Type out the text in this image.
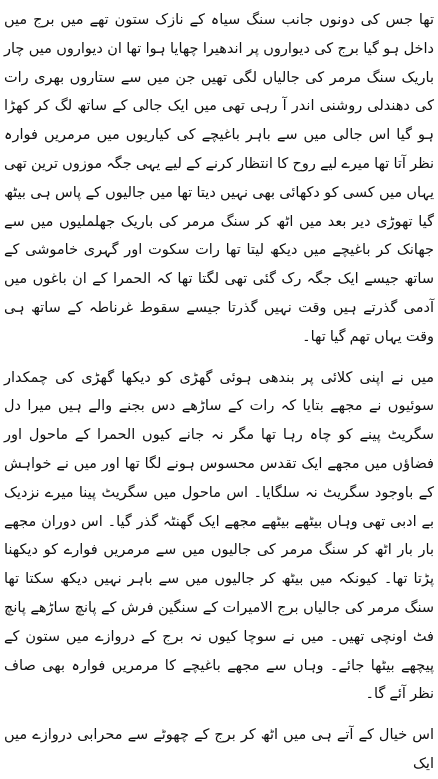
تھا جس کی دونوں جانب سنگ سیاہ کے نازک ستون تھے میں برج میں داخل ہو گیا برج کی دیواروں پر اندھیرا چھایا ہوا تھا ان دیواروں میں چار باریک سنگ مرمر کی جالیاں لگی تھیں جن میں سے ستاروں بھری رات کی دھندلی روشنی اندر آ رہی تھی میں ایک جالی کے ساتھ لگ کر کھڑا ہو گیا اس جالی میں سے باہر باغیچے کی کیاریوں میں مرمریں فوارہ نظر آتا تھا میرے لیے روح کا انتظار کرنے کے لیے یہی جگہ موزوں ترین تھی یہاں میں کسی کو دکھائی بھی نہیں دیتا تھا میں جالیوں کے پاس ہی بیٹھ گیا تھوڑی دیر بعد میں اٹھ کر سنگ مرمر کی باریک جھلملیوں میں سے جھانک کر باغیچے میں دیکھ لیتا تھا رات سکوت اور گہری خاموشی کے ساتھ جیسے ایک جگہ رک گئی تھی لگتا تھا کہ الحمرا کے ان باغوں میں آدمی گذرتے ہیں وقت نہیں گذرتا جیسے سقوط غرناطہ کے ساتھ ہی وقت یہاں تھم گیا تھا۔

میں نے اپنی کلائی پر بندھی ہوئی گھڑی کو دیکھا گھڑی کی چمکدار سوئیوں نے مجھے بتایا کہ رات کے ساڑھے دس بجنے والے ہیں میرا دل سگریٹ پینے کو چاہ رہا تھا مگر نہ جانے کیوں الحمرا کے ماحول اور فضاؤں میں مجھے ایک تقدس محسوس ہونے لگا تھا اور میں نے خواہش کے باوجود سگریٹ نہ سلگایا۔ اس ماحول میں سگریٹ پینا میرے نزدیک بے ادبی تھی وہاں بیٹھے بیٹھے مجھے ایک گھنٹہ گذر گیا۔ اس دوران مجھے بار بار اٹھ کر سنگ مرمر کی جالیوں میں سے مرمریں فوارے کو دیکھنا پڑتا تھا۔ کیونکہ میں بیٹھ کر جالیوں میں سے باہر نہیں دیکھ سکتا تھا سنگ مرمر کی جالیاں برج الامیرات کے سنگین فرش کے پانچ ساڑھے پانچ فٹ اونچی تھیں۔ میں نے سوچا کیوں نہ برج کے دروازے میں ستون کے پیچھے بیٹھا جائے۔ وہاں سے مجھے باغیچے کا مرمریں فوارہ بھی صاف نظر آئے گا۔

اس خیال کے آتے ہی میں اٹھ کر برج کے چھوٹے سے محرابی دروازے میں ایک
